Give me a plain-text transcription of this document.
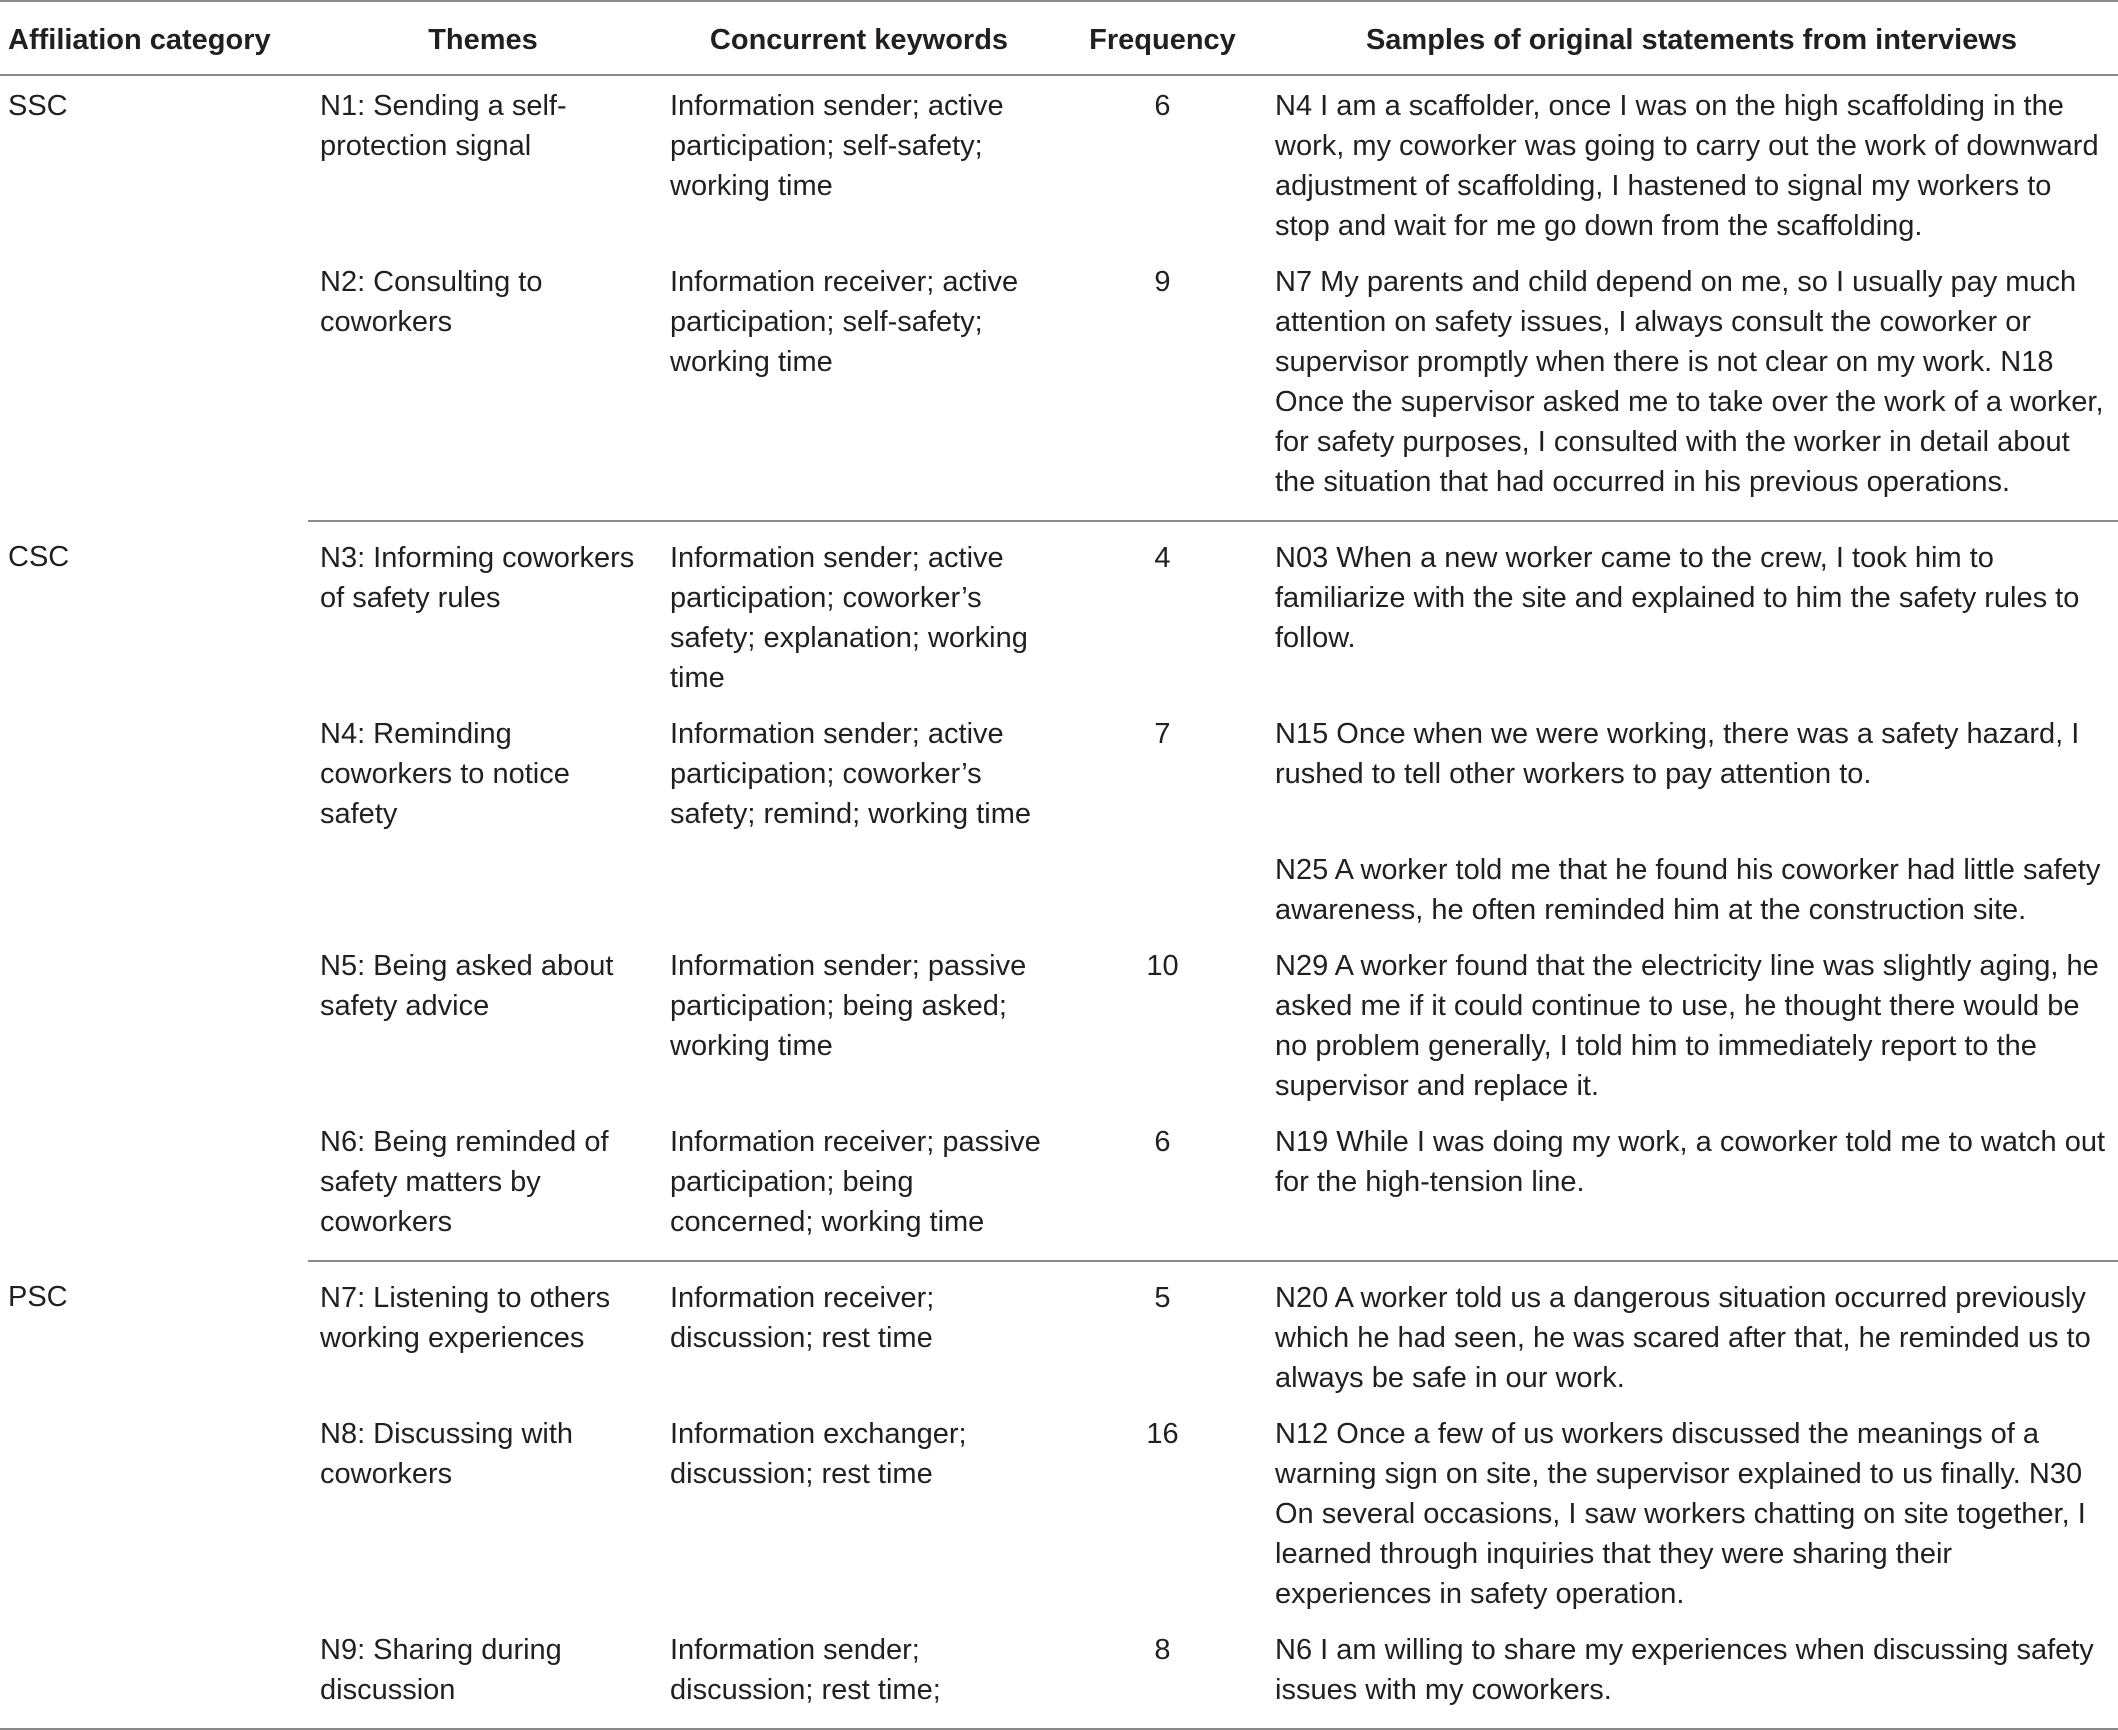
Affiliation category	Themes	Concurrent keywords	Frequency	Samples of original statements from interviews
SSC	N1: Sending a self-protection signal	Information sender; active participation; self-safety; working time	6	N4 I am a scaffolder, once I was on the high scaffolding in the work, my coworker was going to carry out the work of downward adjustment of scaffolding, I hastened to signal my workers to stop and wait for me go down from the scaffolding.
	N2: Consulting to coworkers	Information receiver; active participation; self-safety; working time	9	N7 My parents and child depend on me, so I usually pay much attention on safety issues, I always consult the coworker or supervisor promptly when there is not clear on my work. N18 Once the supervisor asked me to take over the work of a worker, for safety purposes, I consulted with the worker in detail about the situation that had occurred in his previous operations.
CSC	N3: Informing coworkers of safety rules	Information sender; active participation; coworker’s safety; explanation; working time	4	N03 When a new worker came to the crew, I took him to familiarize with the site and explained to him the safety rules to follow.
	N4: Reminding coworkers to notice safety	Information sender; active participation; coworker’s safety; remind; working time	7	N15 Once when we were working, there was a safety hazard, I rushed to tell other workers to pay attention to.
				N25 A worker told me that he found his coworker had little safety awareness, he often reminded him at the construction site.
	N5: Being asked about safety advice	Information sender; passive participation; being asked; working time	10	N29 A worker found that the electricity line was slightly aging, he asked me if it could continue to use, he thought there would be no problem generally, I told him to immediately report to the supervisor and replace it.
	N6: Being reminded of safety matters by coworkers	Information receiver; passive participation; being concerned; working time	6	N19 While I was doing my work, a coworker told me to watch out for the high-tension line.
PSC	N7: Listening to others working experiences	Information receiver; discussion; rest time	5	N20 A worker told us a dangerous situation occurred previously which he had seen, he was scared after that, he reminded us to always be safe in our work.
	N8: Discussing with coworkers	Information exchanger; discussion; rest time	16	N12 Once a few of us workers discussed the meanings of a warning sign on site, the supervisor explained to us finally. N30 On several occasions, I saw workers chatting on site together, I learned through inquiries that they were sharing their experiences in safety operation.
	N9: Sharing during discussion	Information sender; discussion; rest time;	8	N6 I am willing to share my experiences when discussing safety issues with my coworkers.
